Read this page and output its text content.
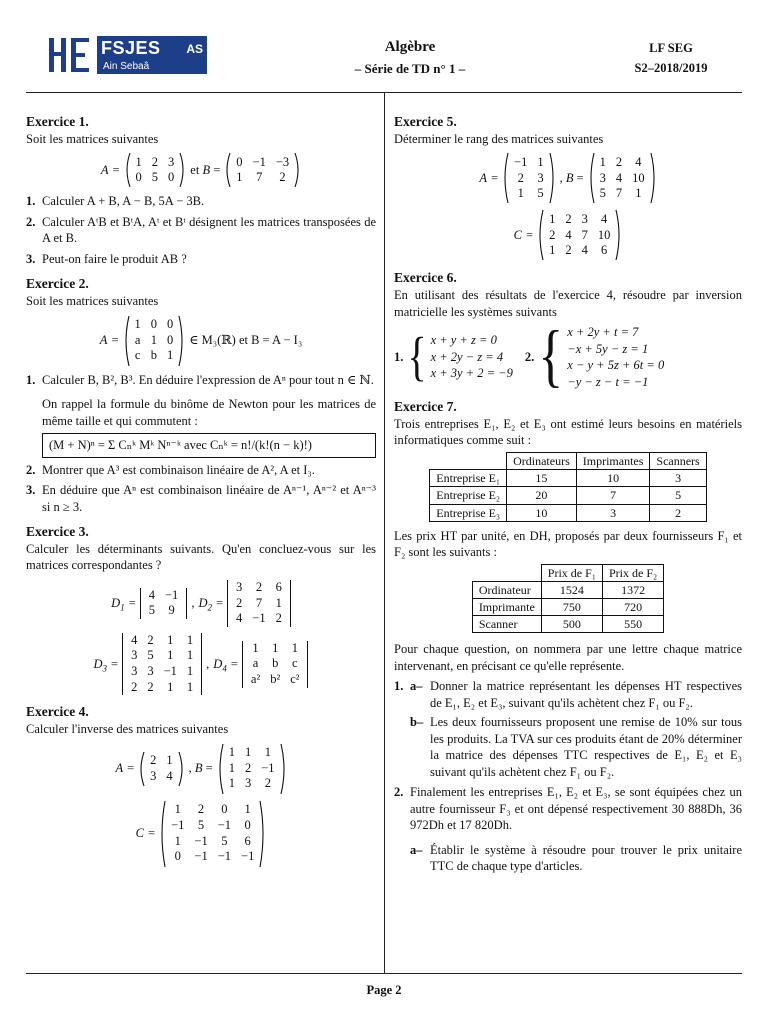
FSJES AS
Ain Sebaâ
Algèbre
– Série de TD n° 1 –
LF SEG
S2–2018/2019
Exercice 1.

Soit les matrices suivantes

A =
1	2	3
0	5	0
et B =
0	−1	−3
1	7	2
1. Calculer A + B, A − B, 5A − 3B.
2. Calculer AᵗB et BᵗA, Aᵗ et Bᵗ désignent les matrices transposées de A et B.
3. Peut-on faire le produit AB ?
Exercice 2.

Soit les matrices suivantes

A =
1	0	0
a	1	0
c	b	1
∈ M₃(ℝ) et B = A − I₃
1. Calculer B, B², B³. En déduire l'expression de Aⁿ pour tout n ∈ ℕ.

On rappel la formule du binôme de Newton pour les matrices de même taille et qui commutent :

(M + N)ⁿ = Σ Cₙᵏ Mᵏ Nⁿ⁻ᵏ avec Cₙᵏ = n!/(k!(n − k)!)
2. Montrer que A³ est combinaison linéaire de A², A et I₃.
3. En déduire que Aⁿ est combinaison linéaire de Aⁿ⁻¹, Aⁿ⁻² et Aⁿ⁻³ si n ≥ 3.
Exercice 3.

Calculer les déterminants suivants. Qu'en concluez-vous sur les matrices correspondantes ?

$D_1$ =
4	−1
5	9
, $D_2$ =
3	2	6
2	7	1
4	−1	2
$D_3$ =
4	2	1	1
3	5	1	1
3	3	−1	1
2	2	1	1
, $D_4$ =
1	1	1
a	b	c
a²	b²	c²
Exercice 4.

Calculer l'inverse des matrices suivantes

A =
2	1
3	4
, B =
1	1	1
1	2	−1
1	3	2
C =
1	2	0	1
−1	5	−1	0
1	−1	5	6
0	−1	−1	−1
Exercice 5.

Déterminer le rang des matrices suivantes

A =
−1	1
2	3
1	5
, B =
1	2	4
3	4	10
5	7	1
C =
1	2	3	4
2	4	7	10
1	2	4	6
Exercice 6.

En utilisant des résultats de l'exercice 4, résoudre par inversion matricielle les systèmes suivants

1. { x + y + z = 0
x + 2y − z = 4
x + 3y + 2 = −9
2. { x + 2y + t = 7
−x + 5y − z = 1
x − y + 5z + 6t = 0
−y − z − t = −1
Exercice 7.

Trois entreprises E₁, E₂ et E₃ ont estimé leurs besoins en matériels informatiques comme suit :

	Ordinateurs	Imprimantes	Scanners
Entreprise E₁	15	10	3
Entreprise E₂	20	7	5
Entreprise E₃	10	3	2

Les prix HT par unité, en DH, proposés par deux fournisseurs F₁ et F₂ sont les suivants :

	Prix de F₁	Prix de F₂
Ordinateur	1524	1372
Imprimante	750	720
Scanner	500	550

Pour chaque question, on nommera par une lettre chaque matrice intervenant, en précisant ce qu'elle représente.

1. a– Donner la matrice représentant les dépenses HT respectives de E₁, E₂ et E₃, suivant qu'ils achètent chez F₁ ou F₂.
b– Les deux fournisseurs proposent une remise de 10% sur tous les produits. La TVA sur ces produits étant de 20% déterminer la matrice des dépenses TTC respectives de E₁, E₂ et E₃ suivant qu'ils achètent chez F₁ ou F₂.
2. Finalement les entreprises E₁, E₂ et E₃, se sont équipées chez un autre fournisseur F₃ et ont dépensé respectivement 30 888Dh, 36 972Dh et 17 820Dh.
a– Établir le système à résoudre pour trouver le prix unitaire TTC de chaque type d'articles.
Page 2
